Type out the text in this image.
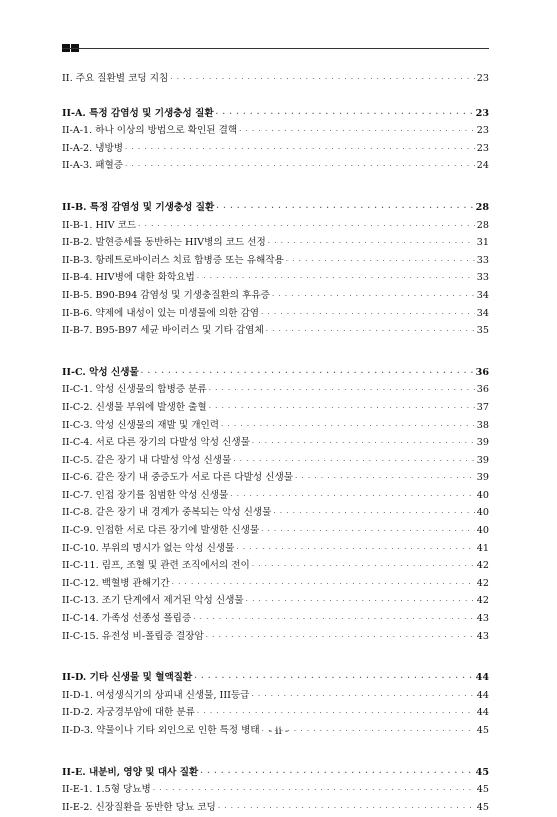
II. 주요 질환별 코딩 지침 · · ·	23
II-A. 특정 감염성 및 기생충성 질환 · · ·	23
II-A-1. 하나 이상의 방법으로 확인된 결핵 · · ·	23
II-A-2. 냉방병 · · ·	23
II-A-3. 패혈증 · · ·	24
II-B. 특정 감염성 및 기생충성 질환 · · ·	28
II-B-1. HIV 코드 · · ·	28
II-B-2. 발현증세를 동반하는 HIV병의 코드 선정 · · ·	31
II-B-3. 항레트로바이러스 치료 합병증 또는 유해작용 · · ·	33
II-B-4. HIV병에 대한 화학요법 · · ·	33
II-B-5. B90-B94 감염성 및 기생충질환의 후유증 · · ·	34
II-B-6. 약제에 내성이 있는 미생물에 의한 감염 · · ·	34
II-B-7. B95-B97 세균 바이러스 및 기타 감염체 · · ·	35
II-C. 악성 신생물 · · ·	36
II-C-1. 악성 신생물의 합병증 분류 · · ·	36
II-C-2. 신생물 부위에 발생한 출혈 · · ·	37
II-C-3. 악성 신생물의 재발 및 개인력 · · ·	38
II-C-4. 서로 다른 장기의 다발성 악성 신생물 · · ·	39
II-C-5. 같은 장기 내 다발성 악성 신생물 · · ·	39
II-C-6. 같은 장기 내 중증도가 서로 다른 다발성 신생물 · · ·	39
II-C-7. 인접 장기를 침범한 악성 신생물 · · ·	40
II-C-8. 같은 장기 내 경계가 중복되는 악성 신생물 · · ·	40
II-C-9. 인접한 서로 다른 장기에 발생한 신생물 · · ·	40
II-C-10. 부위의 명시가 없는 악성 신생물 · · ·	41
II-C-11. 림프, 조혈 및 관련 조직에서의 전이 · · ·	42
II-C-12. 백혈병 관해기간 · · ·	42
II-C-13. 조기 단계에서 제거된 악성 신생물 · · ·	42
II-C-14. 가족성 선종성 폴립증 · · ·	43
II-C-15. 유전성 비-폴립증 결장암 · · ·	43
II-D. 기타 신생물 및 혈액질환 · · ·	44
II-D-1. 여성생식기의 상피내 신생물, III등급 · · ·	44
II-D-2. 자궁경부암에 대한 분류 · · ·	44
II-D-3. 약물이나 기타 외인으로 인한 특정 병태 · · ·	45
II-E. 내분비, 영양 및 대사 질환 · · ·	45
II-E-1. 1.5형 당뇨병 · · ·	45
II-E-2. 신장질환을 동반한 당뇨 코딩 · · ·	45
- ii -
